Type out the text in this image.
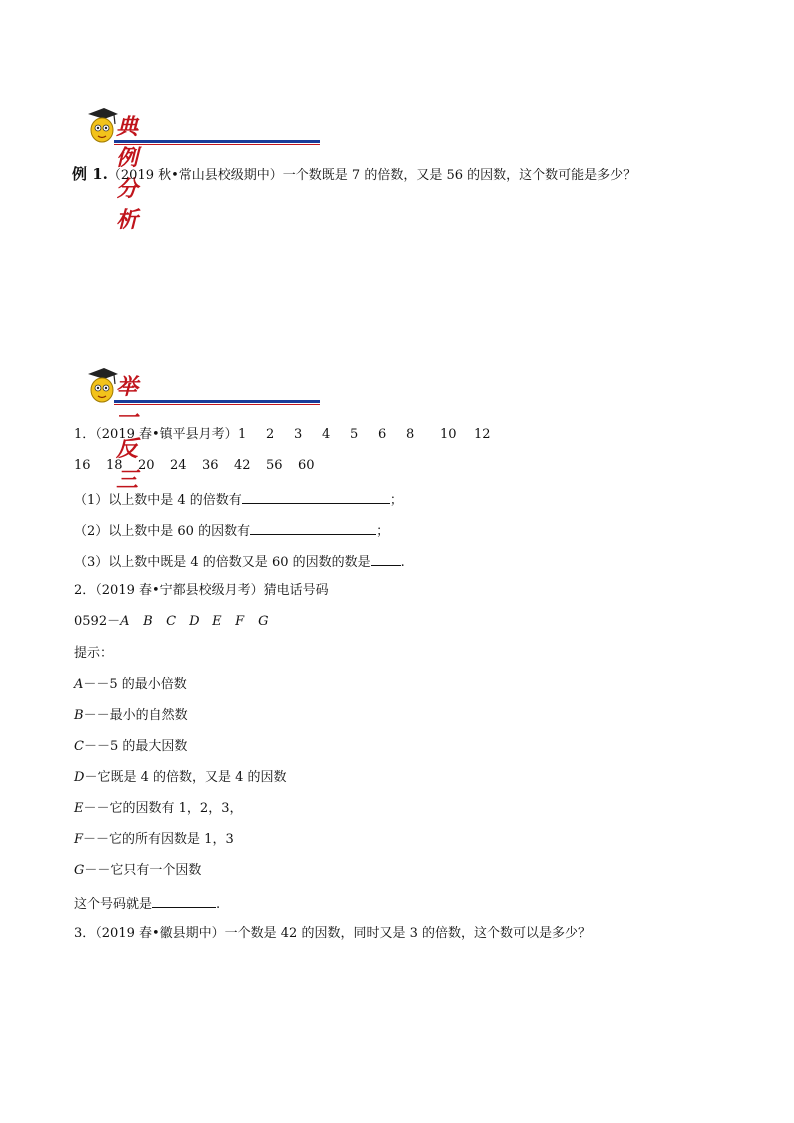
典例分析
例 1.（2019 秋•常山县校级期中）一个数既是 7 的倍数，又是 56 的因数，这个数可能是多少？
举一反三
1．（2019 春•镇平县月考） 1 2 3 4 5 6 8 10 12
16 18 20 24 36 42 56 60
（1）以上数中是 4 的倍数有	；
（2）以上数中是 60 的因数有	；
（3）以上数中既是 4 的倍数又是 60 的因数的数是 .
2．（2019 春•宁都县校级月考）猜电话号码
0592－A B C D E F G
提示：
A－－5 的最小倍数
B－－最小的自然数
C－－5 的最大因数
D－它既是 4 的倍数，又是 4 的因数
E－－它的因数有 1，2，3，
F－－它的所有因数是 1，3
G－－它只有一个因数
这个号码就是	.
3．（2019 春•徽县期中）一个数是 42 的因数，同时又是 3 的倍数，这个数可以是多少？
